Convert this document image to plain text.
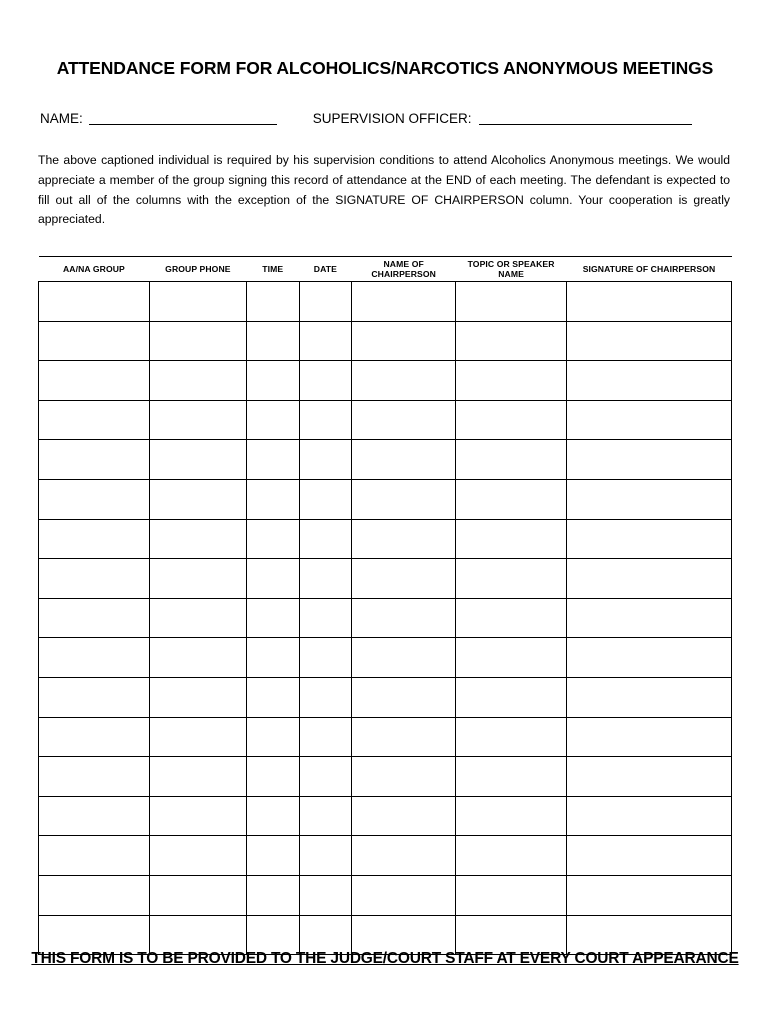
ATTENDANCE FORM FOR ALCOHOLICS/NARCOTICS ANONYMOUS MEETINGS
NAME:	SUPERVISION OFFICER:

The above captioned individual is required by his supervision conditions to attend Alcoholics Anonymous meetings. We would appreciate a member of the group signing this record of attendance at the END of each meeting. The defendant is expected to fill out all of the columns with the exception of the SIGNATURE OF CHAIRPERSON column. Your cooperation is greatly appreciated.

AA/NA GROUP	GROUP PHONE	TIME	DATE	NAME OF CHAIRPERSON	TOPIC OR SPEAKER NAME	SIGNATURE OF CHAIRPERSON

THIS FORM IS TO BE PROVIDED TO THE JUDGE/COURT STAFF AT EVERY COURT APPEARANCE
